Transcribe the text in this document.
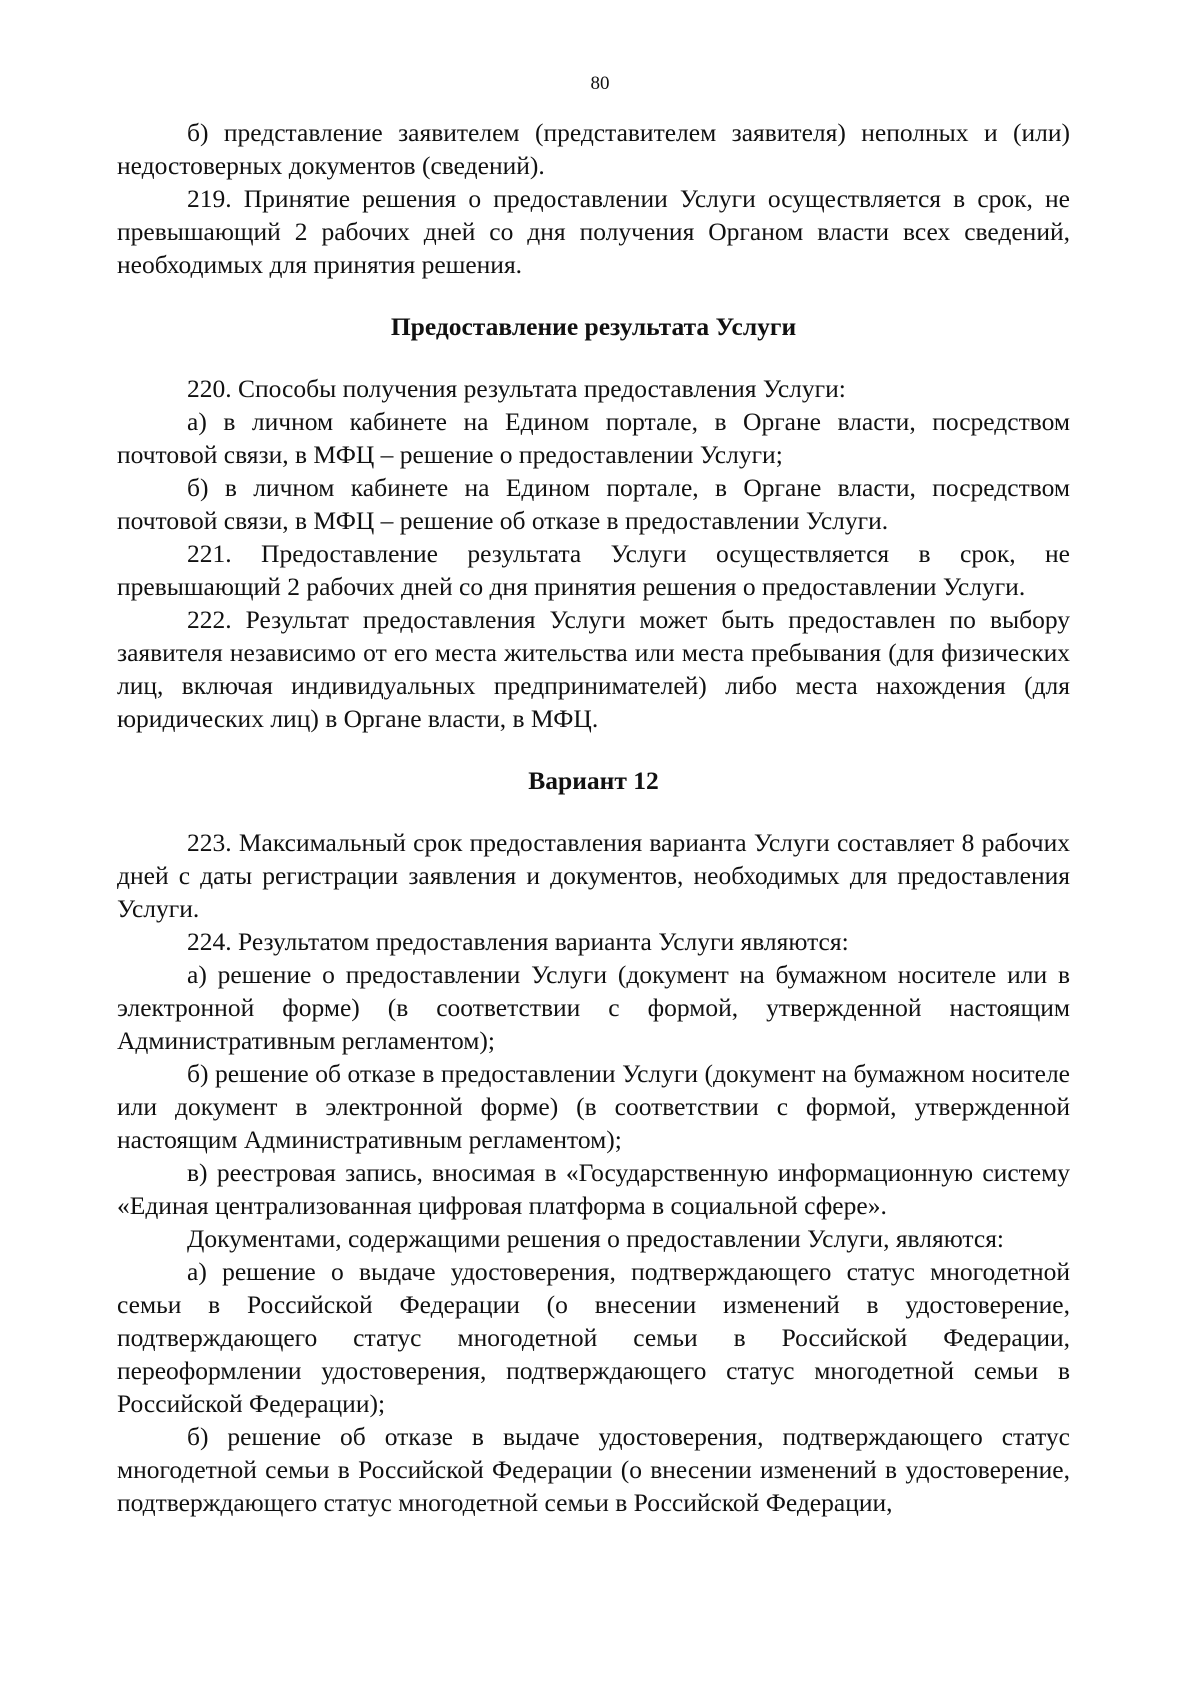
80

б) представление заявителем (представителем заявителя) неполных и (или) недостоверных документов (сведений).

219. Принятие решения о предоставлении Услуги осуществляется в срок, не превышающий 2 рабочих дней со дня получения Органом власти всех сведений, необходимых для принятия решения.

Предоставление результата Услуги

220. Способы получения результата предоставления Услуги:

а) в личном кабинете на Едином портале, в Органе власти, посредством почтовой связи, в МФЦ – решение о предоставлении Услуги;

б) в личном кабинете на Едином портале, в Органе власти, посредством почтовой связи, в МФЦ – решение об отказе в предоставлении Услуги.

221. Предоставление результата Услуги осуществляется в срок, не превышающий 2 рабочих дней со дня принятия решения о предоставлении Услуги.

222. Результат предоставления Услуги может быть предоставлен по выбору заявителя независимо от его места жительства или места пребывания (для физических лиц, включая индивидуальных предпринимателей) либо места нахождения (для юридических лиц) в Органе власти, в МФЦ.

Вариант 12

223. Максимальный срок предоставления варианта Услуги составляет 8 рабочих дней с даты регистрации заявления и документов, необходимых для предоставления Услуги.

224. Результатом предоставления варианта Услуги являются:

а) решение о предоставлении Услуги (документ на бумажном носителе или в электронной форме) (в соответствии с формой, утвержденной настоящим Административным регламентом);

б) решение об отказе в предоставлении Услуги (документ на бумажном носителе или документ в электронной форме) (в соответствии с формой, утвержденной настоящим Административным регламентом);

в) реестровая запись, вносимая в «Государственную информационную систему «Единая централизованная цифровая платформа в социальной сфере».

Документами, содержащими решения о предоставлении Услуги, являются:

а) решение о выдаче удостоверения, подтверждающего статус многодетной семьи в Российской Федерации (о внесении изменений в удостоверение, подтверждающего статус многодетной семьи в Российской Федерации, переоформлении удостоверения, подтверждающего статус многодетной семьи в Российской Федерации);

б) решение об отказе в выдаче удостоверения, подтверждающего статус многодетной семьи в Российской Федерации (о внесении изменений в удостоверение, подтверждающего статус многодетной семьи в Российской Федерации,
